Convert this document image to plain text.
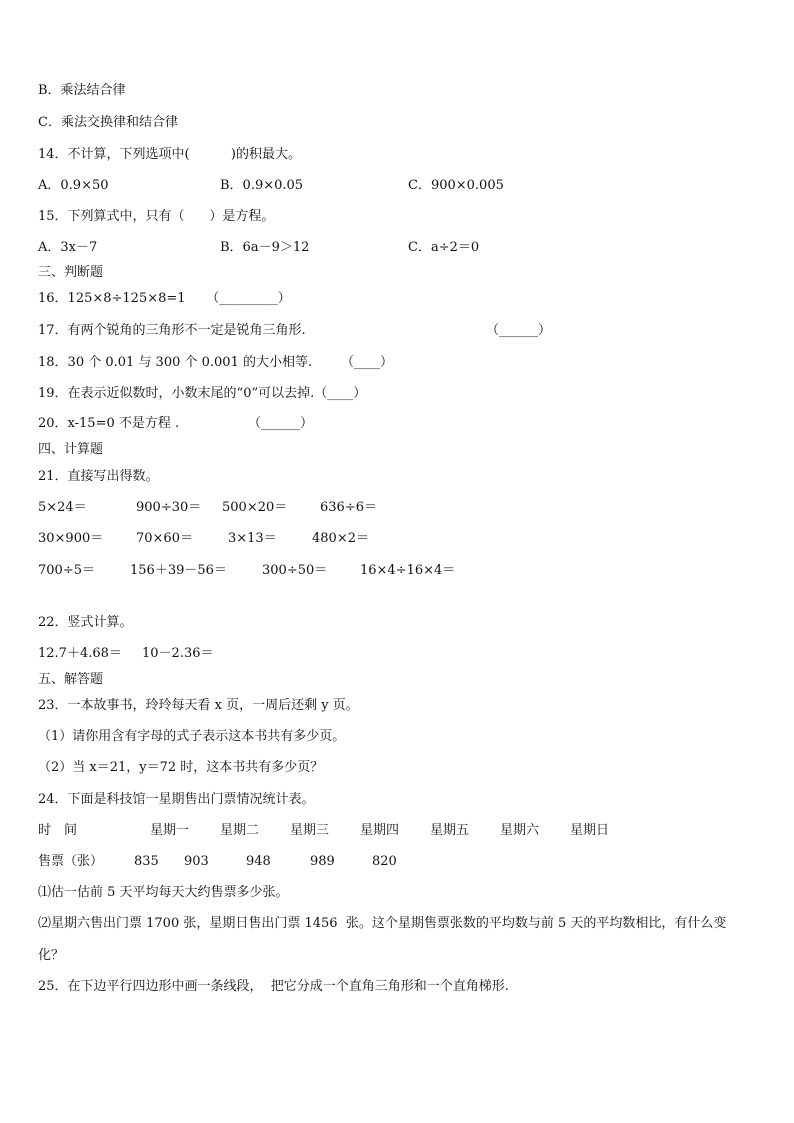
B．乘法结合律
C．乘法交换律和结合律
14．不计算，下列选项中(          )的积最大。
A．0.9×50	B．0.9×0.05	C．900×0.005
15．下列算式中，只有（      ）是方程。
A．3x－7	B．6a－9＞12	C．a÷2＝0
三、判断题
16．125×8÷125×8=1     （_________）
17．有两个锐角的三角形不一定是锐角三角形.	（______）
18．30 个 0.01 与 300 个 0.001 的大小相等.       （____）
19．在表示近似数时，小数末尾的“0”可以去掉.（____）
20．x-15=0 不是方程 .	（______）
四、计算题
21．直接写出得数。
5×24＝	900÷30＝ 500×20＝	636÷6＝
30×900＝	70×60＝	3×13＝	480×2＝
700÷5＝	156＋39－56＝	300÷50＝	16×4÷16×4＝
22．竖式计算。
12.7＋4.68＝ 10－2.36＝
五、解答题
23．一本故事书，玲玲每天看 x 页，一周后还剩 y 页。
（1）请你用含有字母的式子表示这本书共有多少页。
（2）当 x＝21，y＝72 时，这本书共有多少页？
24．下面是科技馆一星期售出门票情况统计表。
时　间	星期一 星期二 星期三 星期四 星期五 星期六 星期日
售票（张） 835 903	948	989	820
⑴估一估前 5 天平均每天大约售票多少张。
⑵星期六售出门票 1700 张，星期日售出门票 1456  张。这个星期售票张数的平均数与前 5 天的平均数相比，有什么变
化？
25．在下边平行四边形中画一条线段，  把它分成一个直角三角形和一个直角梯形.
